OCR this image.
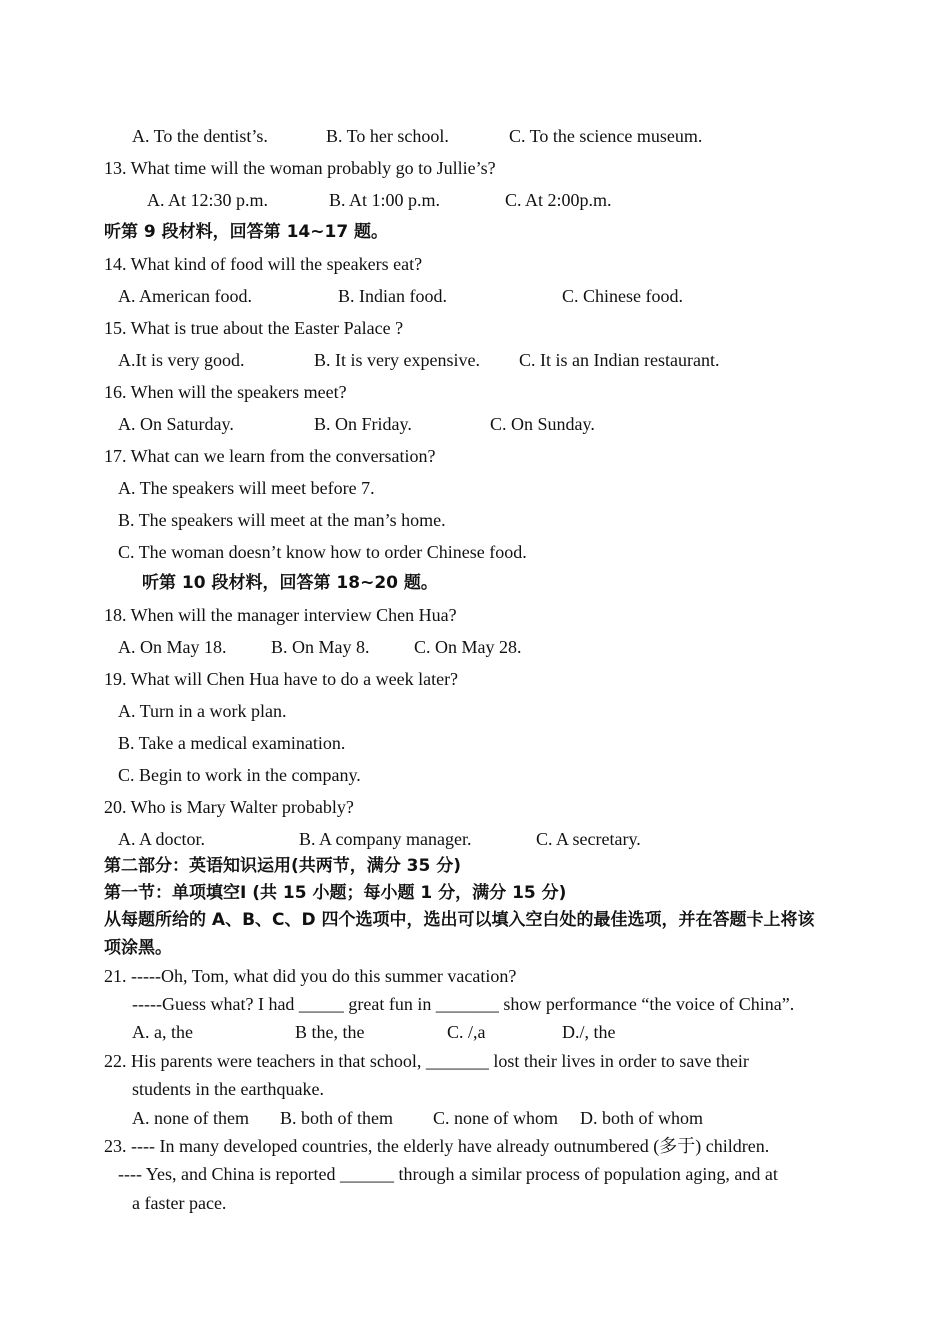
A. To the dentist’s.	B. To her school.	C. To the science museum.
13. What time will the woman probably go to Jullie’s?
A. At 12:30 p.m.	B. At 1:00 p.m.	C. At 2:00p.m.
听第 9 段材料，回答第 14~17 题。
14. What kind of food will the speakers eat?
A. American food.	B. Indian food.	C. Chinese food.
15. What is true about the Easter Palace ?
A.It is very good.	B. It is very expensive. C. It is an Indian restaurant.
16. When will the speakers meet?
A. On Saturday.	B. On Friday.	C. On Sunday.
17. What can we learn from the conversation?
A. The speakers will meet before 7.
B. The speakers will meet at the man’s home.
C. The woman doesn’t know how to order Chinese food.
听第 10 段材料，回答第 18~20 题。
18. When will the manager interview Chen Hua?
A. On May 18. B. On May 8. C. On May 28.
19. What will Chen Hua have to do a week later?
A. Turn in a work plan.
B. Take a medical examination.
C. Begin to work in the company.
20. Who is Mary Walter probably?
A. A doctor.	B. A company manager.	C. A secretary.
第二部分：英语知识运用(共两节，满分 35 分)
第一节：单项填空Ⅰ (共 15 小题；每小题 1 分，满分 15 分)
从每题所给的 A、B、C、D 四个选项中，选出可以填入空白处的最佳选项，并在答题卡上将该
项涂黑。
21. -----Oh, Tom, what did you do this summer vacation?
-----Guess what? I had _____ great fun in _______ show performance “the voice of China”.
A. a, the	B the, the	C. /,a	D./, the
22. His parents were teachers in that school, _______ lost their lives in order to save their
students in the earthquake.
A. none of them B. both of them C. none of whom D. both of whom
23. ---- In many developed countries, the elderly have already outnumbered (多于) children.
---- Yes, and China is reported ______ through a similar process of population aging, and at
a faster pace.
